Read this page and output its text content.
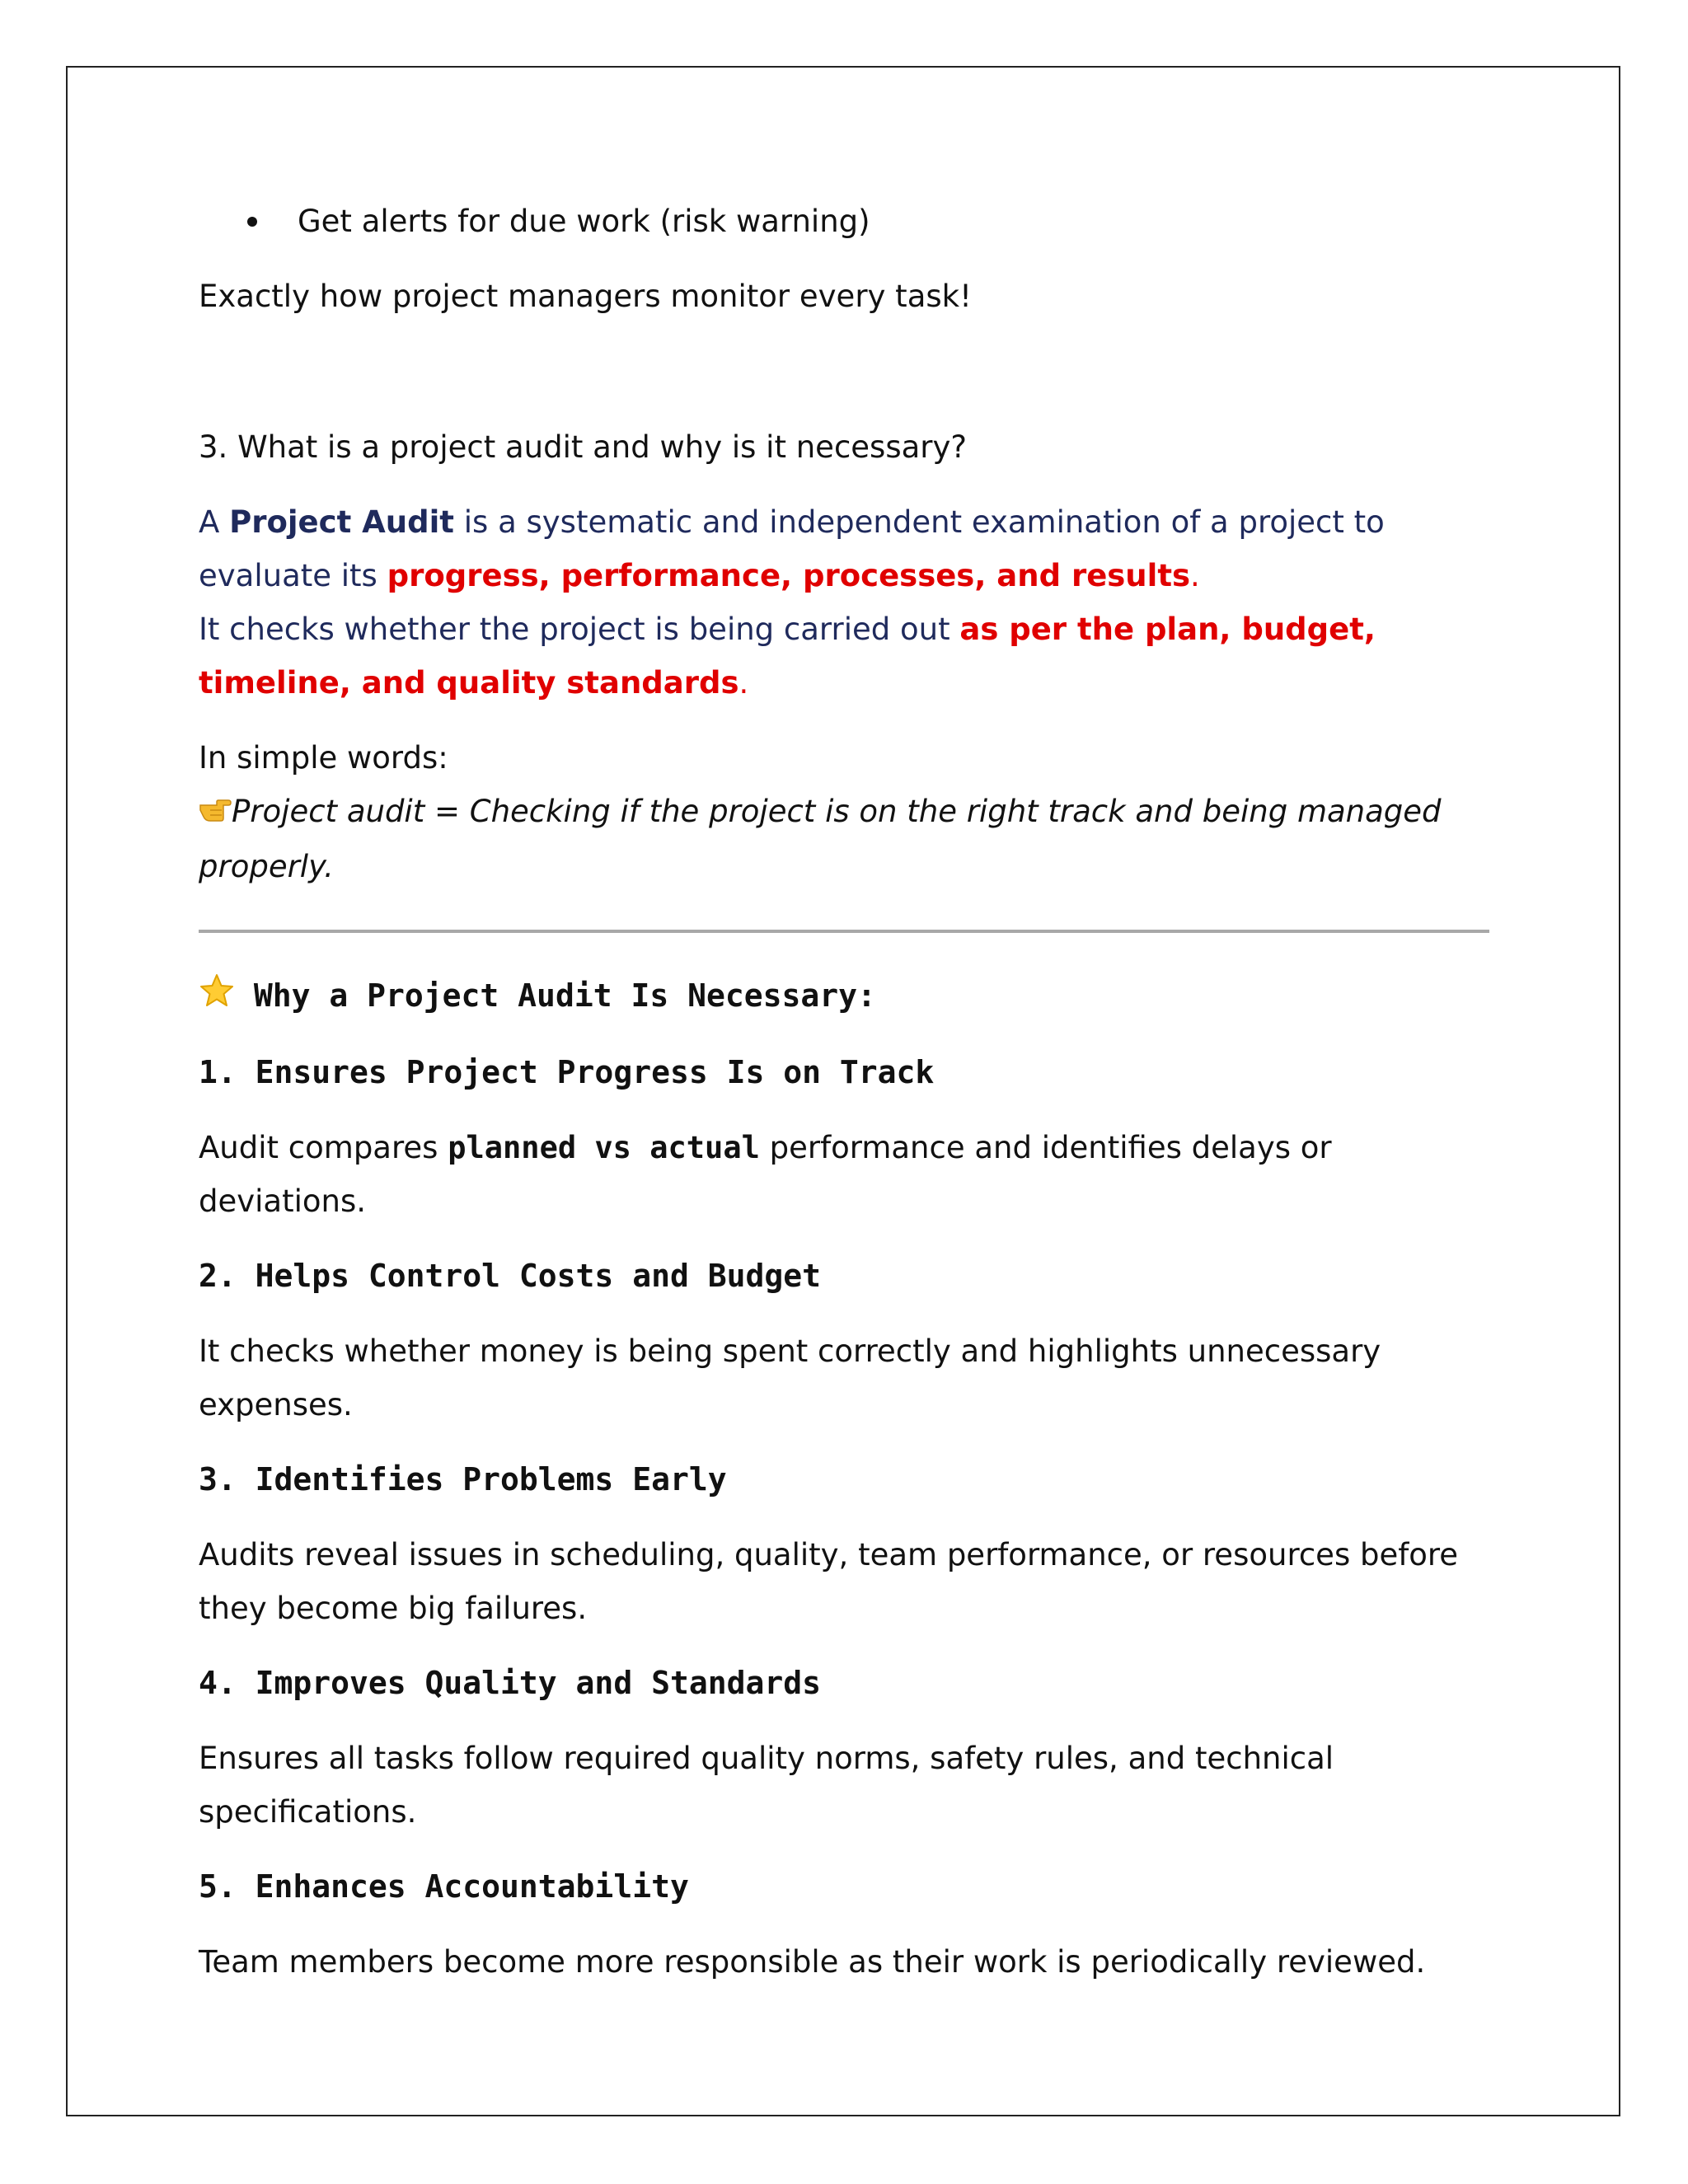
Get alerts for due work (risk warning)

Exactly how project managers monitor every task!

3. What is a project audit and why is it necessary?

A Project Audit is a systematic and independent examination of a project to evaluate its progress, performance, processes, and results.
It checks whether the project is being carried out as per the plan, budget, timeline, and quality standards.

In simple words:
Project audit = Checking if the project is on the right track and being managed properly.

Why a Project Audit Is Necessary:

1. Ensures Project Progress Is on Track

Audit compares planned vs actual performance and identifies delays or deviations.

2. Helps Control Costs and Budget

It checks whether money is being spent correctly and highlights unnecessary expenses.

3. Identifies Problems Early

Audits reveal issues in scheduling, quality, team performance, or resources before they become big failures.

4. Improves Quality and Standards

Ensures all tasks follow required quality norms, safety rules, and technical specifications.

5. Enhances Accountability

Team members become more responsible as their work is periodically reviewed.
